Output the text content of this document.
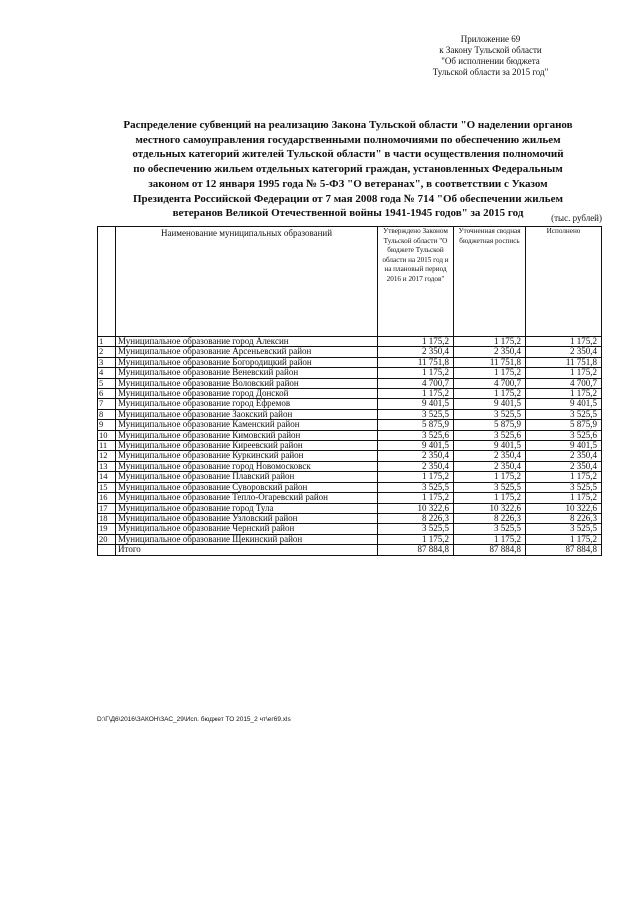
Приложение 69
к Закону Тульской области
"Об исполнении бюджета
Тульской области за 2015 год"
Распределение субвенций на реализацию Закона Тульской области "О наделении органов
местного самоуправления государственными полномочиями по обеспечению жильем
отдельных категорий жителей Тульской области" в части осуществления полномочий
по обеспечению жильем отдельных категорий граждан, установленных Федеральным
законом от 12 января 1995 года № 5-ФЗ "О ветеранах", в соответствии с Указом
Президента Российской Федерации от 7 мая 2008 года № 714 "Об обеспечении жильем
ветеранов Великой Отечественной войны 1941-1945 годов" за 2015 год
	Наименование муниципальных образований	Утверждено Законом Тульской области "О бюджете Тульской области на 2015 год и на плановый период 2016 и 2017 годов"	Уточненная сводная бюджетная роспись	Исполнено
1	Муниципальное образование город Алексин	1 175,2	1 175,2	1 175,2
2	Муниципальное образование Арсеньевский район	2 350,4	2 350,4	2 350,4
3	Муниципальное образование Богородицкий район	11 751,8	11 751,8	11 751,8
4	Муниципальное образование Веневский район	1 175,2	1 175,2	1 175,2
5	Муниципальное образование Воловский район	4 700,7	4 700,7	4 700,7
6	Муниципальное образование город Донской	1 175,2	1 175,2	1 175,2
7	Муниципальное образование город Ефремов	9 401,5	9 401,5	9 401,5
8	Муниципальное образование Заокский район	3 525,5	3 525,5	3 525,5
9	Муниципальное образование Каменский район	5 875,9	5 875,9	5 875,9
10	Муниципальное образование Кимовский район	3 525,6	3 525,6	3 525,6
11	Муниципальное образование Киреевский район	9 401,5	9 401,5	9 401,5
12	Муниципальное образование Куркинский район	2 350,4	2 350,4	2 350,4
13	Муниципальное образование город Новомосковск	2 350,4	2 350,4	2 350,4
14	Муниципальное образование Плавский район	1 175,2	1 175,2	1 175,2
15	Муниципальное образование Суворовский район	3 525,5	3 525,5	3 525,5
16	Муниципальное образование Тепло-Огаревский район	1 175,2	1 175,2	1 175,2
17	Муниципальное образование город Тула	10 322,6	10 322,6	10 322,6
18	Муниципальное образование Узловский район	8 226,3	8 226,3	8 226,3
19	Муниципальное образование Чернский район	3 525,5	3 525,5	3 525,5
20	Муниципальное образование Щекинский район	1 175,2	1 175,2	1 175,2
	Итого	87 884,8	87 884,8	87 884,8
(тыс. рублей)
D:\Г\Д6\2016\ЗАКОН\ЗАС_29\Исп. бюджет ТО 2015_2 чт\ег69.xls
